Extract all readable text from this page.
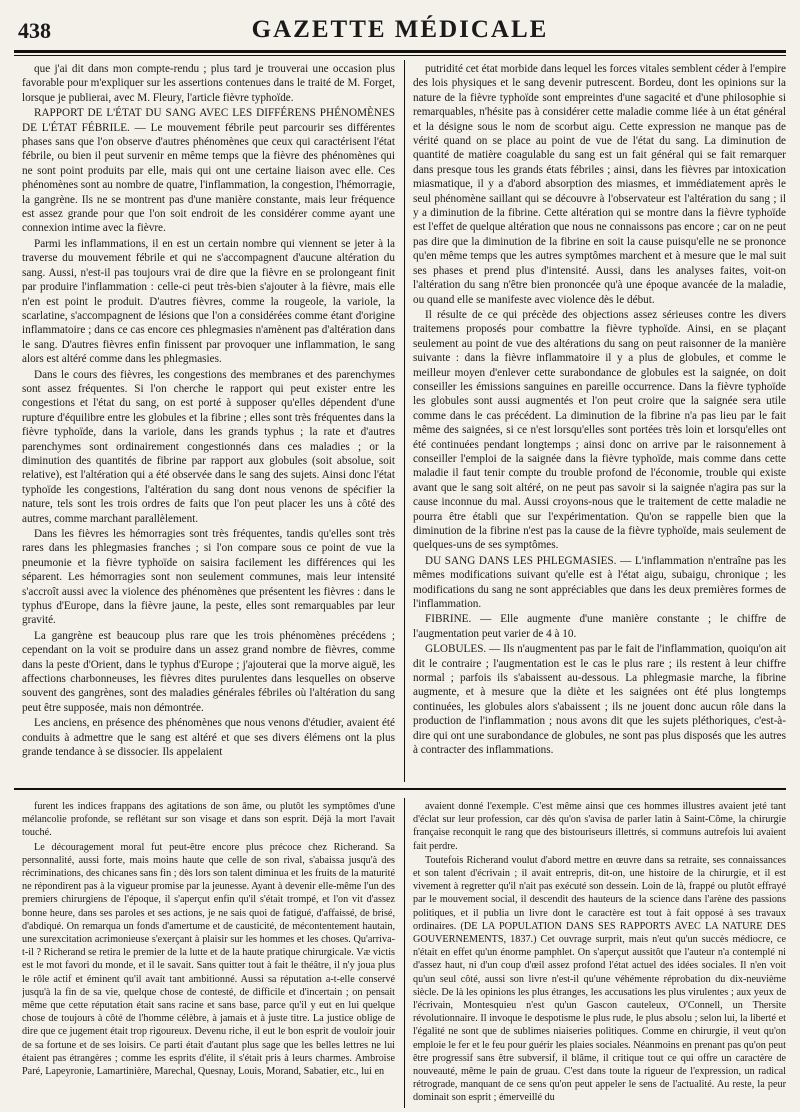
438	GAZETTE MÉDICALE

que j'ai dit dans mon compte-rendu ; plus tard je trouverai une occasion plus favorable pour m'expliquer sur les assertions contenues dans le traité de M. Forget, lorsque je publierai, avec M. Fleury, l'article fièvre typhoïde.

RAPPORT DE L'ÉTAT DU SANG AVEC LES DIFFÉRENS PHÉNOMÈNES DE L'ÉTAT FÉBRILE. — Le mouvement fébrile peut parcourir ses différentes phases sans que l'on observe d'autres phénomènes que ceux qui caractérisent l'état fébrile, ou bien il peut survenir en même temps que la fièvre des phénomènes qui ne sont point produits par elle, mais qui ont une certaine liaison avec elle. Ces phénomènes sont au nombre de quatre, l'inflammation, la congestion, l'hémorragie, la gangrène. Ils ne se montrent pas d'une manière constante, mais leur fréquence est assez grande pour que l'on soit endroit de les considérer comme ayant une connexion intime avec la fièvre.

Parmi les inflammations, il en est un certain nombre qui viennent se jeter à la traverse du mouvement fébrile et qui ne s'accompagnent d'aucune altération du sang. Aussi, n'est-il pas toujours vrai de dire que la fièvre en se prolongeant finit par produire l'inflammation : celle-ci peut très-bien s'ajouter à la fièvre, mais elle n'en est point le produit. D'autres fièvres, comme la rougeole, la variole, la scarlatine, s'accompagnent de lésions que l'on a considérées comme étant d'origine inflammatoire ; dans ce cas encore ces phlegmasies n'amènent pas d'altération dans le sang. D'autres fièvres enfin finissent par provoquer une inflammation, le sang alors est altéré comme dans les phlegmasies.

Dans le cours des fièvres, les congestions des membranes et des parenchymes sont assez fréquentes. Si l'on cherche le rapport qui peut exister entre les congestions et l'état du sang, on est porté à supposer qu'elles dépendent d'une rupture d'équilibre entre les globules et la fibrine ; elles sont très fréquentes dans la fièvre typhoïde, dans la variole, dans les grands typhus ; la rate et d'autres parenchymes sont ordinairement congestionnés dans ces maladies ; or la diminution des quantités de fibrine par rapport aux globules (soit absolue, soit relative), est l'altération qui a été observée dans le sang des sujets. Ainsi donc l'état typhoïde les congestions, l'altération du sang dont nous venons de spécifier la nature, tels sont les trois ordres de faits que l'on peut placer les uns à côté des autres, comme marchant parallèlement.

Dans les fièvres les hémorragies sont très fréquentes, tandis qu'elles sont très rares dans les phlegmasies franches ; si l'on compare sous ce point de vue la pneumonie et la fièvre typhoïde on saisira facilement les différences qui les séparent. Les hémorragies sont non seulement communes, mais leur intensité s'accroît aussi avec la violence des phénomènes que présentent les fièvres : dans le typhus d'Europe, dans la fièvre jaune, la peste, elles sont remarquables par leur gravité.

La gangrène est beaucoup plus rare que les trois phénomènes précédens ; cependant on la voit se produire dans un assez grand nombre de fièvres, comme dans la peste d'Orient, dans le typhus d'Europe ; j'ajouterai que la morve aiguë, les affections charbonneuses, les fièvres dites purulentes dans lesquelles on observe souvent des gangrènes, sont des maladies générales fébriles où l'altération du sang peut être supposée, mais non démontrée.

Les anciens, en présence des phénomènes que nous venons d'étudier, avaient été conduits à admettre que le sang est altéré et que ses divers élémens ont la plus grande tendance à se dissocier. Ils appelaient

putridité cet état morbide dans lequel les forces vitales semblent céder à l'empire des lois physiques et le sang devenir putrescent. Bordeu, dont les opinions sur la nature de la fièvre typhoïde sont empreintes d'une sagacité et d'une philosophie si remarquables, n'hésite pas à considérer cette maladie comme liée à un état général et la désigne sous le nom de scorbut aigu. Cette expression ne manque pas de vérité quand on se place au point de vue de l'état du sang. La diminution de quantité de matière coagulable du sang est un fait général qui se fait remarquer dans presque tous les grands états fébriles ; ainsi, dans les fièvres par intoxication miasmatique, il y a d'abord absorption des miasmes, et immédiatement après le seul phénomène saillant qui se découvre à l'observateur est l'altération du sang ; il y a diminution de la fibrine. Cette altération qui se montre dans la fièvre typhoïde est l'effet de quelque altération que nous ne connaissons pas encore ; car on ne peut pas dire que la diminution de la fibrine en soit la cause puisqu'elle ne se prononce qu'en même temps que les autres symptômes marchent et à mesure que le mal suit ses phases et prend plus d'intensité. Aussi, dans les analyses faites, voit-on l'altération du sang n'être bien prononcée qu'à une époque avancée de la maladie, ou quand elle se manifeste avec violence dès le début.

Il résulte de ce qui précède des objections assez sérieuses contre les divers traitemens proposés pour combattre la fièvre typhoïde. Ainsi, en se plaçant seulement au point de vue des altérations du sang on peut raisonner de la manière suivante : dans la fièvre inflammatoire il y a plus de globules, et comme le meilleur moyen d'enlever cette surabondance de globules est la saignée, on doit conseiller les émissions sanguines en pareille occurrence. Dans la fièvre typhoïde les globules sont aussi augmentés et l'on peut croire que la saignée sera utile comme dans le cas précédent. La diminution de la fibrine n'a pas lieu par le fait même des saignées, si ce n'est lorsqu'elles sont portées très loin et lorsqu'elles ont été continuées pendant longtemps ; ainsi donc on arrive par le raisonnement à conseiller l'emploi de la saignée dans la fièvre typhoïde, mais comme dans cette maladie il faut tenir compte du trouble profond de l'économie, trouble qui existe avant que le sang soit altéré, on ne peut pas savoir si la saignée n'agira pas sur la cause inconnue du mal. Aussi croyons-nous que le traitement de cette maladie ne pourra être établi que sur l'expérimentation. Qu'on se rappelle bien que la diminution de la fibrine n'est pas la cause de la fièvre typhoïde, mais seulement de quelques-uns de ses symptômes.

DU SANG DANS LES PHLEGMASIES. — L'inflammation n'entraîne pas les mêmes modifications suivant qu'elle est à l'état aigu, subaigu, chronique ; les modifications du sang ne sont appréciables que dans les deux premières formes de l'inflammation.

FIBRINE. — Elle augmente d'une manière constante ; le chiffre de l'augmentation peut varier de 4 à 10.

GLOBULES. — Ils n'augmentent pas par le fait de l'inflammation, quoiqu'on ait dit le contraire ; l'augmentation est le cas le plus rare ; ils restent à leur chiffre normal ; parfois ils s'abaissent au-dessous. La phlegmasie marche, la fibrine augmente, et à mesure que la diète et les saignées ont été plus longtemps continuées, les globules alors s'abaissent ; ils ne jouent donc aucun rôle dans la production de l'inflammation ; nous avons dit que les sujets pléthoriques, c'est-à-dire qui ont une surabondance de globules, ne sont pas plus disposés que les autres à contracter des inflammations.

furent les indices frappans des agitations de son âme, ou plutôt les symptômes d'une mélancolie profonde, se reflétant sur son visage et dans son esprit. Déjà la mort l'avait touché.

Le découragement moral fut peut-être encore plus précoce chez Richerand. Sa personnalité, aussi forte, mais moins haute que celle de son rival, s'abaissa jusqu'à des récriminations, des chicanes sans fin ; dès lors son talent diminua et les fruits de la maturité ne répondirent pas à la vigueur promise par la jeunesse. Ayant à devenir elle-même l'un des premiers chirurgiens de l'époque, il s'aperçut enfin qu'il s'était trompé, et l'on vit d'assez bonne heure, dans ses paroles et ses actions, je ne sais quoi de fatigué, d'affaissé, de brisé, d'abdiqué. On remarqua un fonds d'amertume et de causticité, de mécontentement hautain, une surexcitation acrimonieuse s'exerçant à plaisir sur les hommes et les choses. Qu'arriva-t-il ? Richerand se retira le premier de la lutte et de la haute pratique chirurgicale. Væ victis est le mot favori du monde, et il le savait. Sans quitter tout à fait le théâtre, il n'y joua plus le rôle actif et éminent qu'il avait tant ambitionné. Aussi sa réputation a-t-elle conservé jusqu'à la fin de sa vie, quelque chose de contesté, de difficile et d'incertain ; on pensait même que cette réputation était sans racine et sans base, parce qu'il y eut en lui quelque chose de toujours à côté de l'homme célèbre, à jamais et à juste titre. La justice oblige de dire que ce jugement était trop rigoureux. Devenu riche, il eut le bon esprit de vouloir jouir de sa fortune et de ses loisirs. Ce parti était d'autant plus sage que les belles lettres ne lui étaient pas étrangères ; comme les esprits d'élite, il s'était pris à leurs charmes. Ambroise Paré, Lapeyronie, Lamartinière, Marechal, Quesnay, Louis, Morand, Sabatier, etc., lui en

avaient donné l'exemple. C'est même ainsi que ces hommes illustres avaient jeté tant d'éclat sur leur profession, car dès qu'on s'avisa de parler latin à Saint-Côme, la chirurgie française reconquit le rang que des bistouriseurs illettrés, si communs autrefois lui avaient fait perdre.

Toutefois Richerand voulut d'abord mettre en œuvre dans sa retraite, ses connaissances et son talent d'écrivain ; il avait entrepris, dit-on, une histoire de la chirurgie, et il est vivement à regretter qu'il n'ait pas exécuté son dessein. Loin de là, frappé ou plutôt effrayé par le mouvement social, il descendit des hauteurs de la science dans l'arène des passions politiques, et il publia un livre dont le caractère est tout à fait opposé à ses travaux ordinaires. (DE LA POPULATION DANS SES RAPPORTS AVEC LA NATURE DES GOUVERNEMENTS, 1837.) Cet ouvrage surprit, mais n'eut qu'un succès médiocre, ce n'était en effet qu'un énorme pamphlet. On s'aperçut aussitôt que l'auteur n'a contemplé ni d'assez haut, ni d'un coup d'œil assez profond l'état actuel des idées sociales. Il n'en voit qu'un seul côté, aussi son livre n'est-il qu'une véhémente réprobation du dix-neuvième siècle. De là les opinions les plus étranges, les accusations les plus virulentes ; aux yeux de l'écrivain, Montesquieu n'est qu'un Gascon cauteleux, O'Connell, un Thersite révolutionnaire. Il invoque le despotisme le plus rude, le plus absolu ; selon lui, la liberté et l'égalité ne sont que de sublimes niaiseries politiques. Comme en chirurgie, il veut qu'on emploie le fer et le feu pour guérir les plaies sociales. Néanmoins en prenant pas qu'on peut être progressif sans être subversif, il blâme, il critique tout ce qui offre un caractère de nouveauté, même le pain de gruau. C'est dans toute la rigueur de l'expression, un radical rétrograde, manquant de ce sens qu'on peut appeler le sens de l'actualité. Au reste, la peur dominait son esprit ; émerveillé du
